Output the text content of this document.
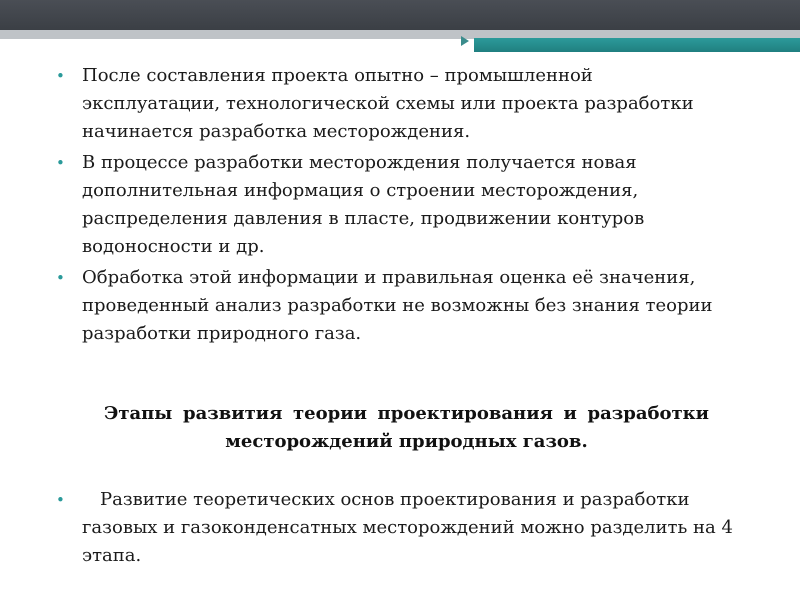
• После составления проекта опытно – промышленной эксплуатации, технологической схемы или проекта разработки начинается разработка месторождения.
• В процессе разработки месторождения получается новая дополнительная информация о строении месторождения, распределения давления в пласте, продвижении контуров водоносности и др.
• Обработка этой информации и правильная оценка её значения, проведенный анализ разработки не возможны без знания теории разработки природного газа.
Этапы развития теории проектирования и разработки месторождений природных газов.
• Развитие теоретических основ проектирования и разработки газовых и газоконденсатных месторождений можно разделить на 4 этапа.
